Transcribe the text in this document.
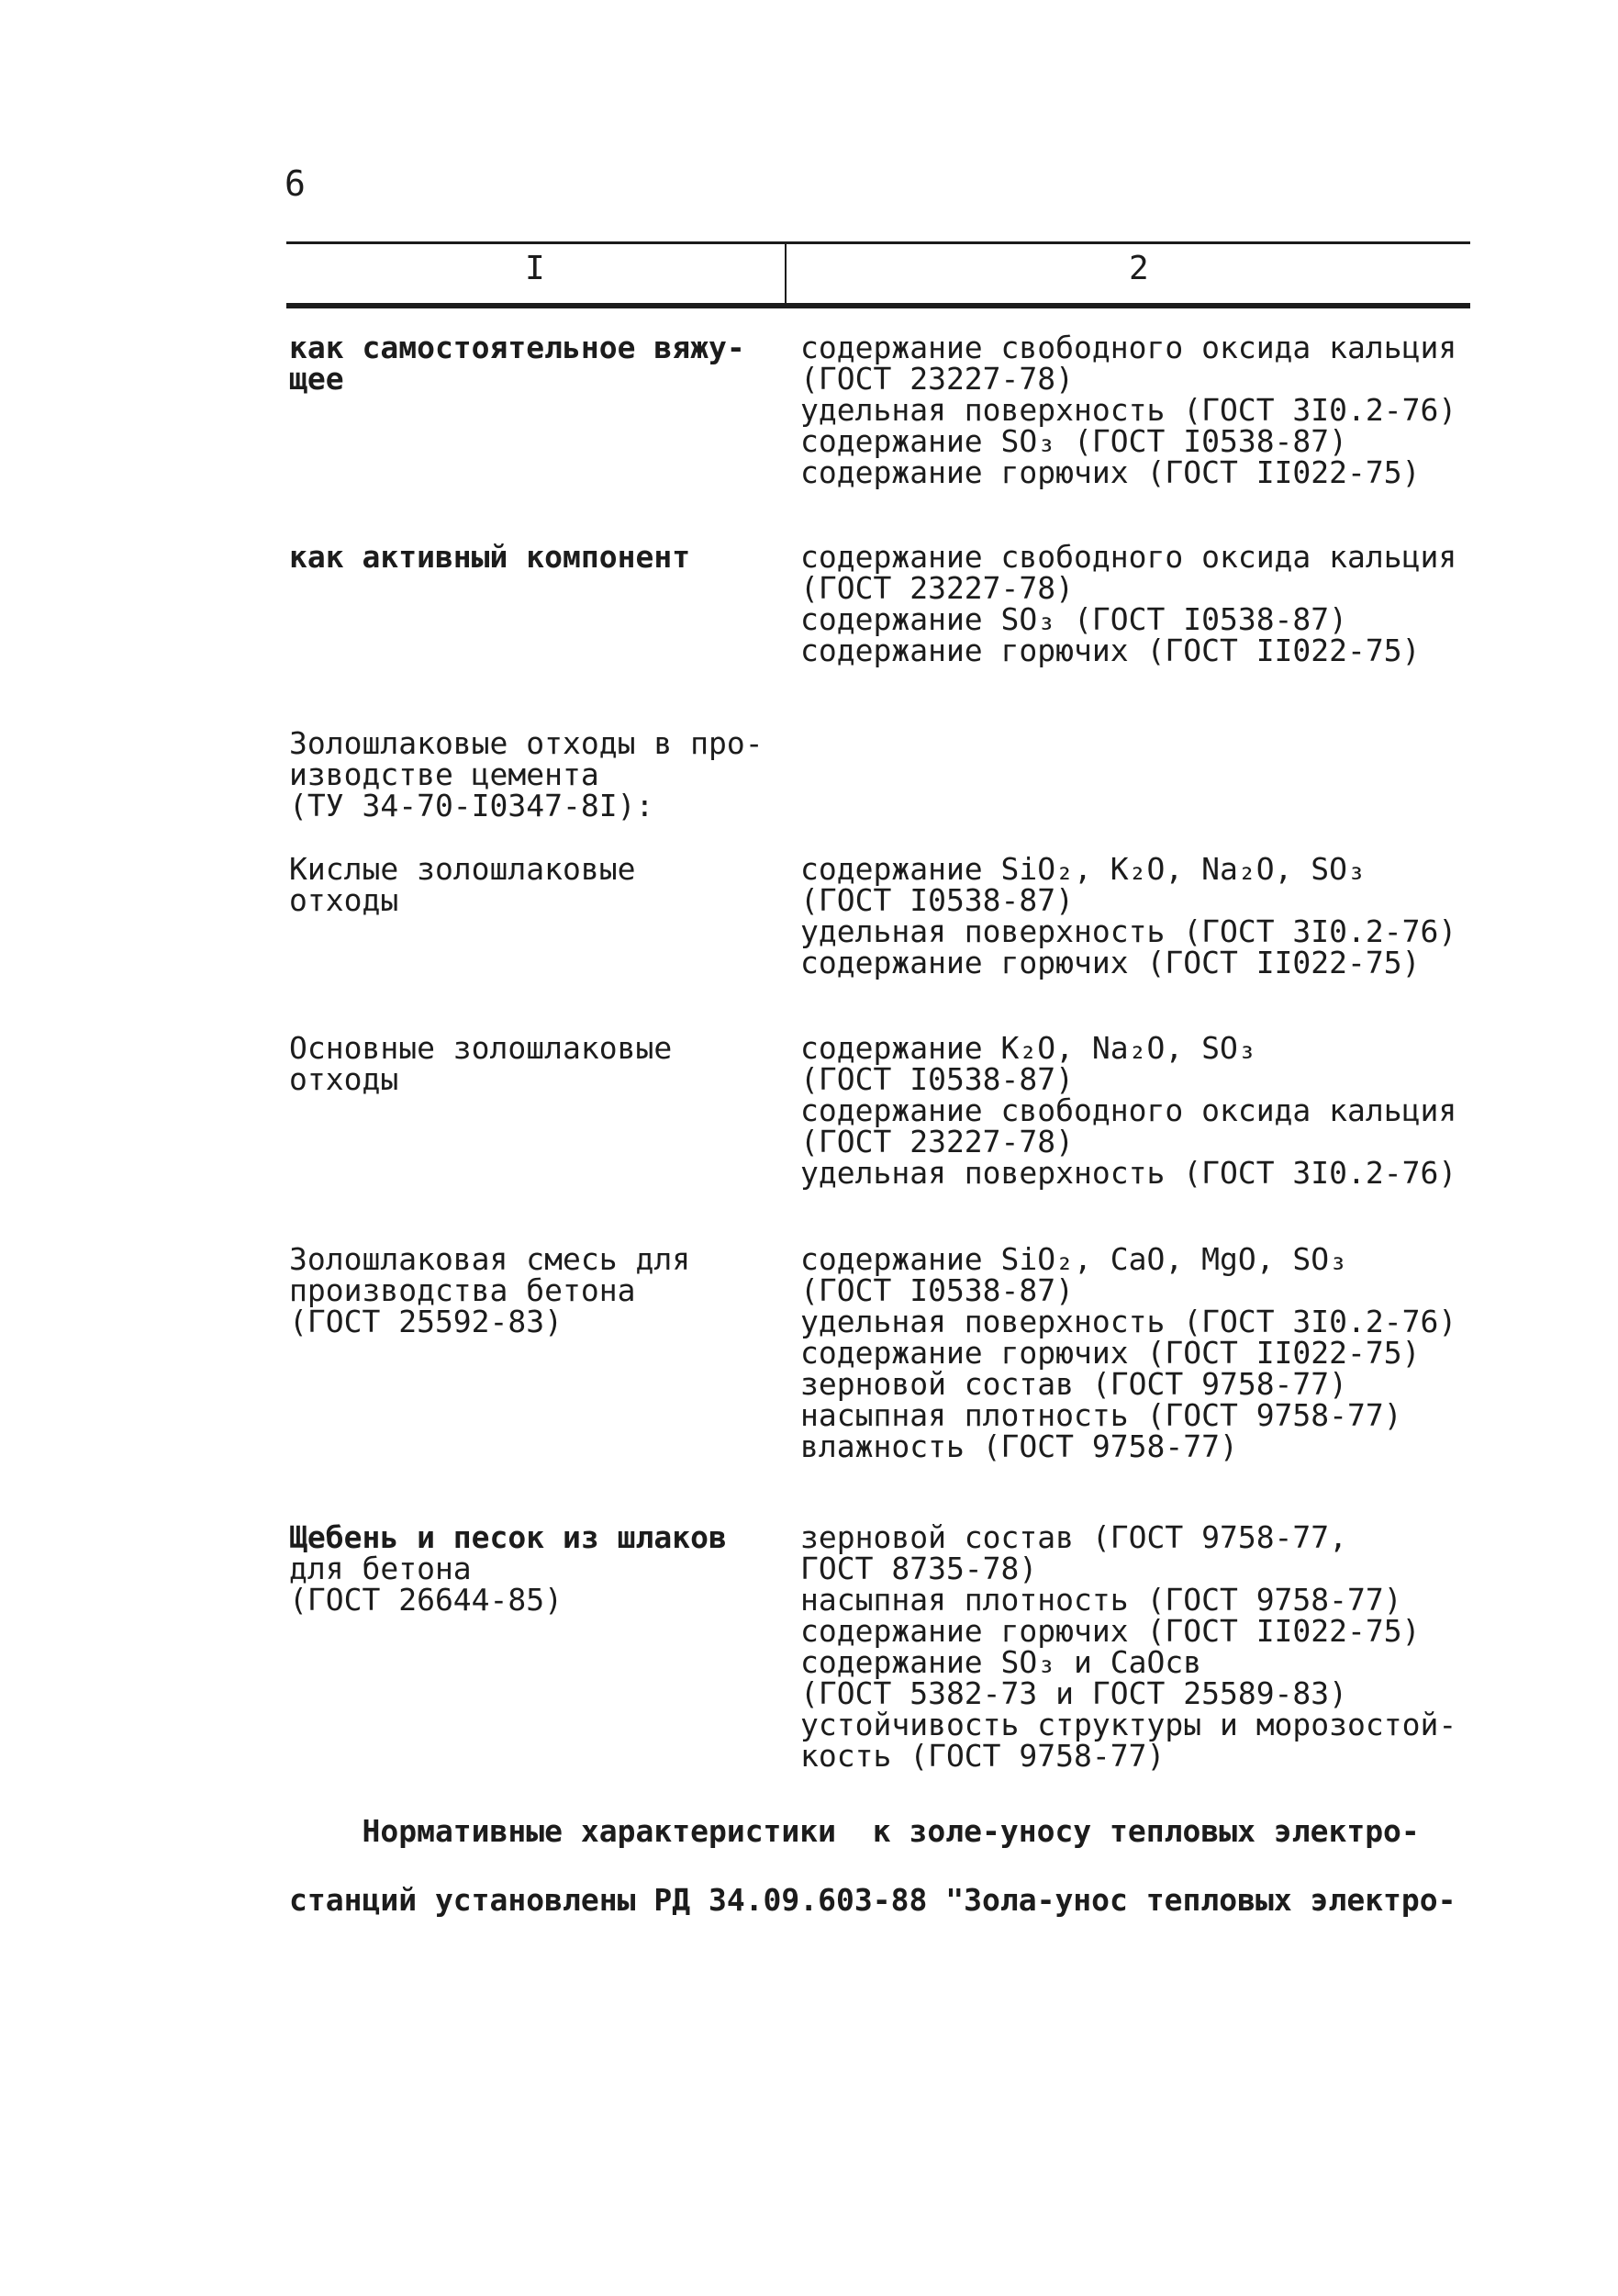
6
I	2
как самостоятельное вяжу-
щее
содержание свободного оксида кальция
(ГОСТ 23227-78)
удельная поверхность (ГОСТ 3I0.2-76)
содержание SO₃ (ГОСТ I0538-87)
содержание горючих (ГОСТ II022-75)
как активный компонент	содержание свободного оксида кальция
(ГОСТ 23227-78)
содержание SO₃ (ГОСТ I0538-87)
содержание горючих (ГОСТ II022-75)
Золошлаковые отходы в про-
изводстве цемента
(ТУ 34-70-I0347-8I):
Кислые золошлаковые
отходы
содержание SiO₂, K₂O, Na₂O, SO₃
(ГОСТ I0538-87)
удельная поверхность (ГОСТ 3I0.2-76)
содержание горючих (ГОСТ II022-75)
Основные золошлаковые
отходы
содержание K₂O, Na₂O, SO₃
(ГОСТ I0538-87)
содержание свободного оксида кальция
(ГОСТ 23227-78)
удельная поверхность (ГОСТ 3I0.2-76)
Золошлаковая смесь для
производства бетона
(ГОСТ 25592-83)
содержание SiO₂, CaO, MgO, SO₃
(ГОСТ I0538-87)
удельная поверхность (ГОСТ 3I0.2-76)
содержание горючих (ГОСТ II022-75)
зерновой состав (ГОСТ 9758-77)
насыпная плотность (ГОСТ 9758-77)
влажность (ГОСТ 9758-77)
Щебень и песок из шлаков
для бетона
(ГОСТ 26644-85)
зерновой состав (ГОСТ 9758-77,
ГОСТ 8735-78)
насыпная плотность (ГОСТ 9758-77)
содержание горючих (ГОСТ II022-75)
содержание SO₃ и CaOсв
(ГОСТ 5382-73 и ГОСТ 25589-83)
устойчивость структуры и морозостой-
кость (ГОСТ 9758-77)
Нормативные характеристики  к золе-уносу тепловых электро-
станций установлены РД 34.09.603-88 "Зола-унос тепловых электро-
